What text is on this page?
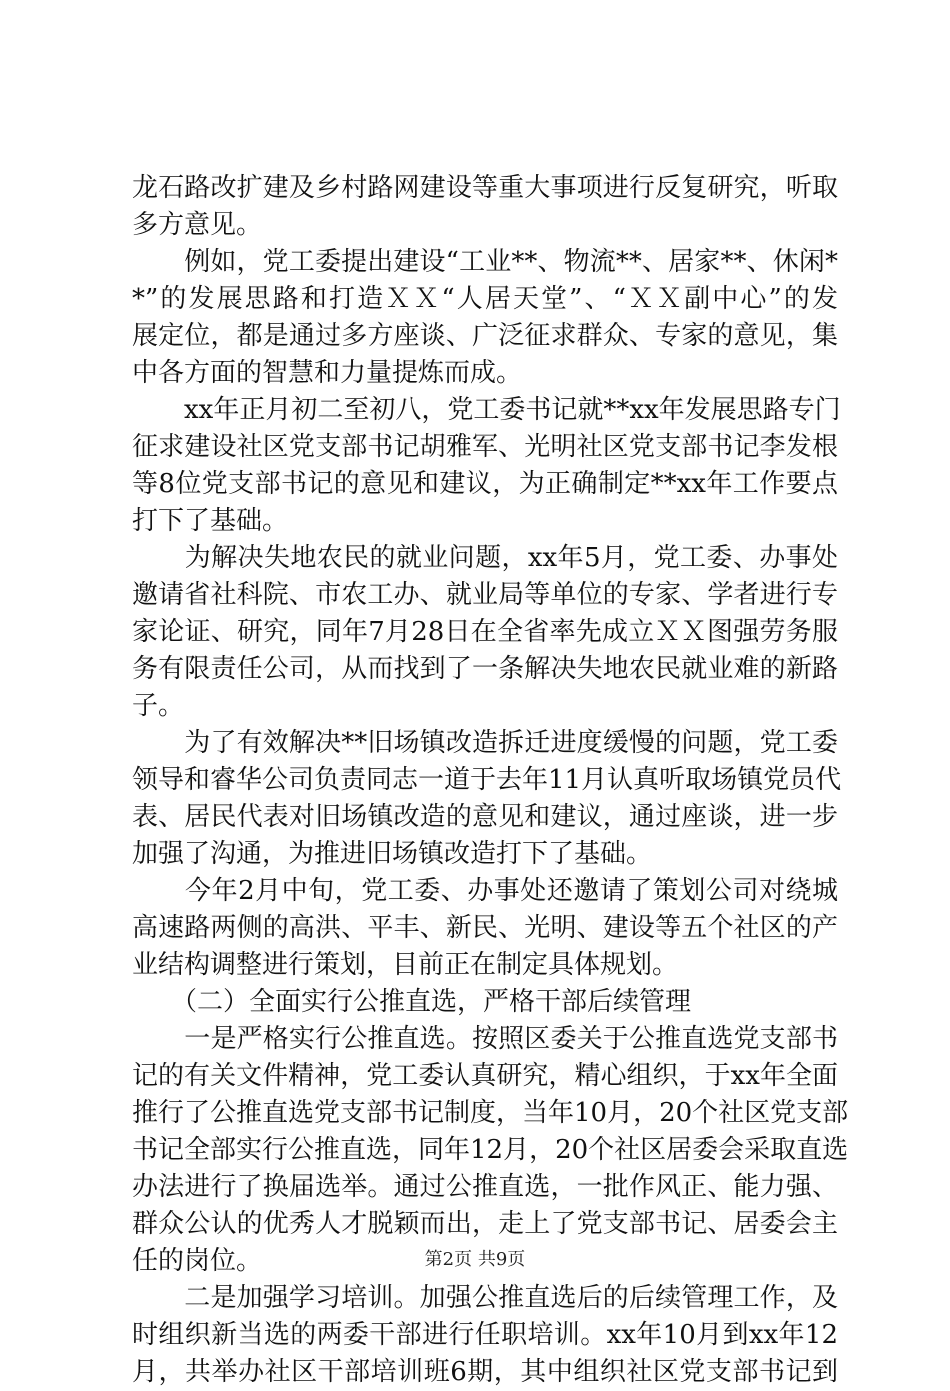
龙石路改扩建及乡村路网建设等重大事项进行反复研究，听取
多方意见。
　　例如，党工委提出建设“工业**、物流**、居家**、休闲*
*”的发展思路和打造ＸＸ“人居天堂”、“ＸＸ副中心”的发
展定位，都是通过多方座谈、广泛征求群众、专家的意见，集
中各方面的智慧和力量提炼而成。
　　xx年正月初二至初八，党工委书记就**xx年发展思路专门
征求建设社区党支部书记胡雅军、光明社区党支部书记李发根
等8位党支部书记的意见和建议，为正确制定**xx年工作要点
打下了基础。
　　为解决失地农民的就业问题，xx年5月，党工委、办事处
邀请省社科院、市农工办、就业局等单位的专家、学者进行专
家论证、研究，同年7月28日在全省率先成立ＸＸ图强劳务服
务有限责任公司，从而找到了一条解决失地农民就业难的新路
子。
　　为了有效解决**旧场镇改造拆迁进度缓慢的问题，党工委
领导和睿华公司负责同志一道于去年11月认真听取场镇党员代
表、居民代表对旧场镇改造的意见和建议，通过座谈，进一步
加强了沟通，为推进旧场镇改造打下了基础。
　　今年2月中旬，党工委、办事处还邀请了策划公司对绕城
高速路两侧的高洪、平丰、新民、光明、建设等五个社区的产
业结构调整进行策划，目前正在制定具体规划。
　　（二）全面实行公推直选，严格干部后续管理
　　一是严格实行公推直选。按照区委关于公推直选党支部书
记的有关文件精神，党工委认真研究，精心组织，于xx年全面
推行了公推直选党支部书记制度，当年10月，20个社区党支部
书记全部实行公推直选，同年12月，20个社区居委会采取直选
办法进行了换届选举。通过公推直选，一批作风正、能力强、
群众公认的优秀人才脱颖而出，走上了党支部书记、居委会主
任的岗位。
　　二是加强学习培训。加强公推直选后的后续管理工作，及
时组织新当选的两委干部进行任职培训。xx年10月到xx年12
月，共举办社区干部培训班6期，其中组织社区党支部书记到
第2页 共9页
